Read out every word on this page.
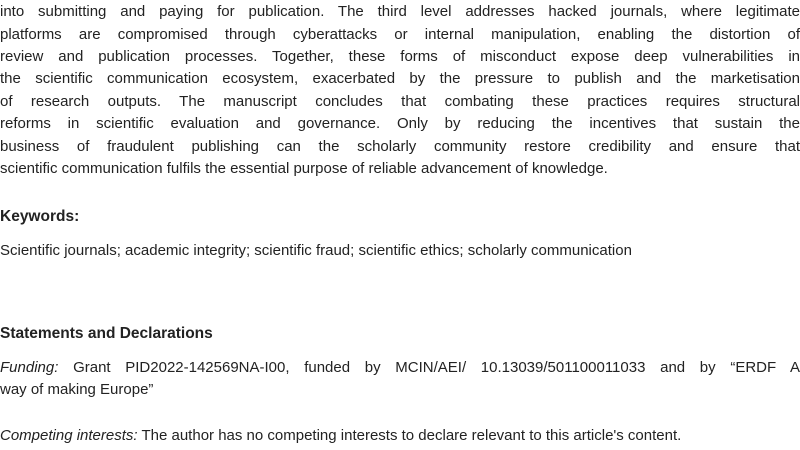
into submitting and paying for publication. The third level addresses hacked journals, where legitimate
platforms are compromised through cyberattacks or internal manipulation, enabling the distortion of
review and publication processes. Together, these forms of misconduct expose deep vulnerabilities in
the scientific communication ecosystem, exacerbated by the pressure to publish and the marketisation
of research outputs. The manuscript concludes that combating these practices requires structural
reforms in scientific evaluation and governance. Only by reducing the incentives that sustain the
business of fraudulent publishing can the scholarly community restore credibility and ensure that
scientific communication fulfils the essential purpose of reliable advancement of knowledge.
Keywords:
Scientific journals; academic integrity; scientific fraud; scientific ethics; scholarly communication
Statements and Declarations
Funding: Grant PID2022-142569NA-I00, funded by MCIN/AEI/ 10.13039/501100011033 and by “ERDF A
way of making Europe”
Competing interests: The author has no competing interests to declare relevant to this article's content.
